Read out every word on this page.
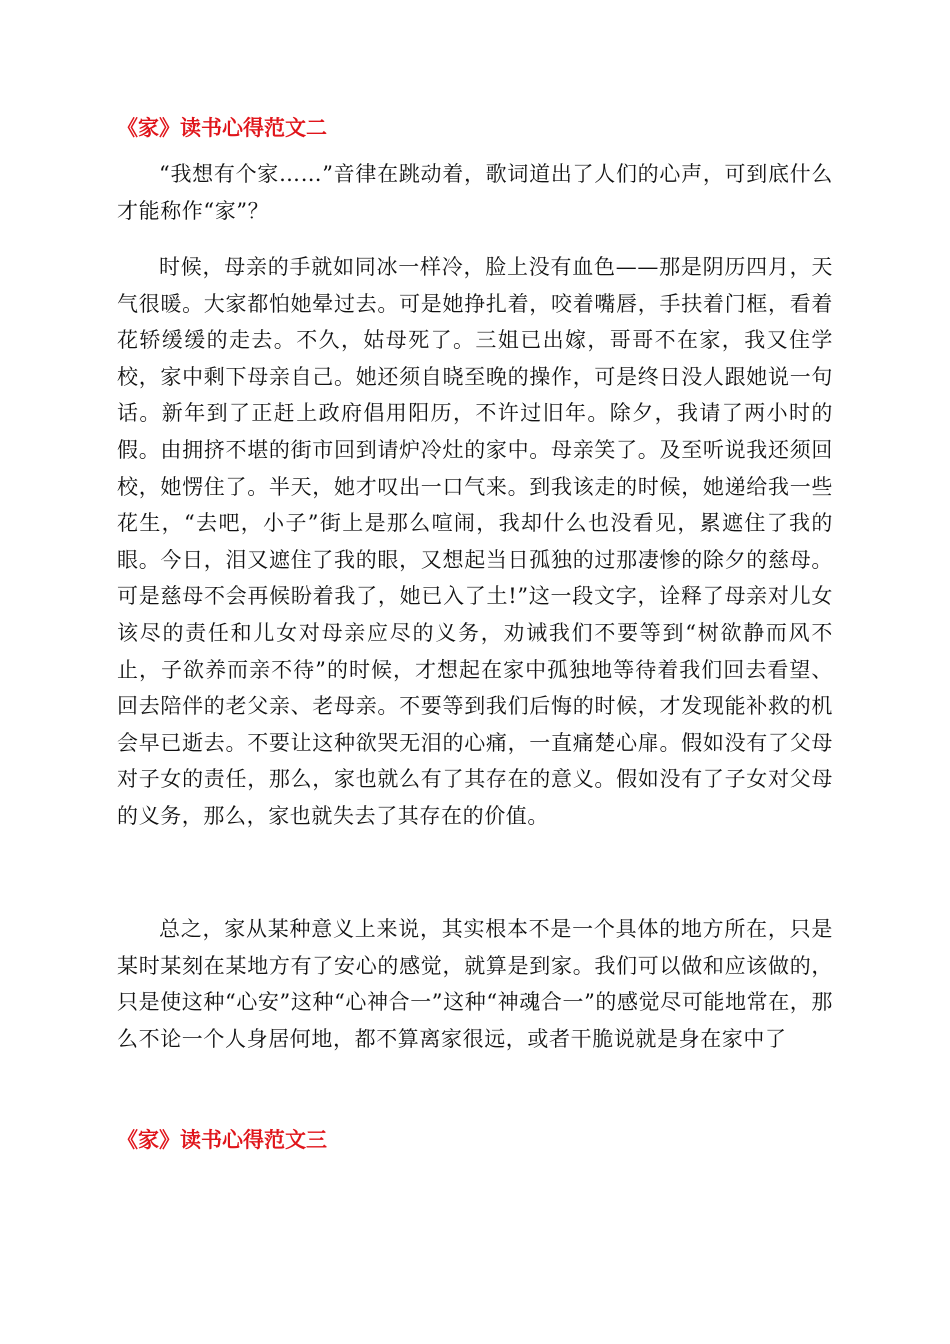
《家》读书心得范文二

“我想有个家……”音律在跳动着，歌词道出了人们的心声，可到底什么才能称作“家”？

时候，母亲的手就如同冰一样冷，脸上没有血色——那是阴历四月，天气很暖。大家都怕她晕过去。可是她挣扎着，咬着嘴唇，手扶着门框，看着花轿缓缓的走去。不久，姑母死了。三姐已出嫁，哥哥不在家，我又住学校，家中剩下母亲自己。她还须自晓至晚的操作，可是终日没人跟她说一句话。新年到了正赶上政府倡用阳历，不许过旧年。除夕，我请了两小时的假。由拥挤不堪的街市回到请炉冷灶的家中。母亲笑了。及至听说我还须回校，她愣住了。半天，她才叹出一口气来。到我该走的时候，她递给我一些花生，“去吧，小子”街上是那么喧闹，我却什么也没看见，累遮住了我的眼。今日，泪又遮住了我的眼，又想起当日孤独的过那凄惨的除夕的慈母。可是慈母不会再候盼着我了，她已入了土!”这一段文字，诠释了母亲对儿女该尽的责任和儿女对母亲应尽的义务，劝诫我们不要等到“树欲静而风不止，子欲养而亲不待”的时候，才想起在家中孤独地等待着我们回去看望、回去陪伴的老父亲、老母亲。不要等到我们后悔的时候，才发现能补救的机会早已逝去。不要让这种欲哭无泪的心痛，一直痛楚心扉。假如没有了父母对子女的责任，那么，家也就么有了其存在的意义。假如没有了子女对父母的义务，那么，家也就失去了其存在的价值。

总之，家从某种意义上来说，其实根本不是一个具体的地方所在，只是某时某刻在某地方有了安心的感觉，就算是到家。我们可以做和应该做的，只是使这种“心安”这种“心神合一”这种“神魂合一”的感觉尽可能地常在，那么不论一个人身居何地，都不算离家很远，或者干脆说就是身在家中了

《家》读书心得范文三
